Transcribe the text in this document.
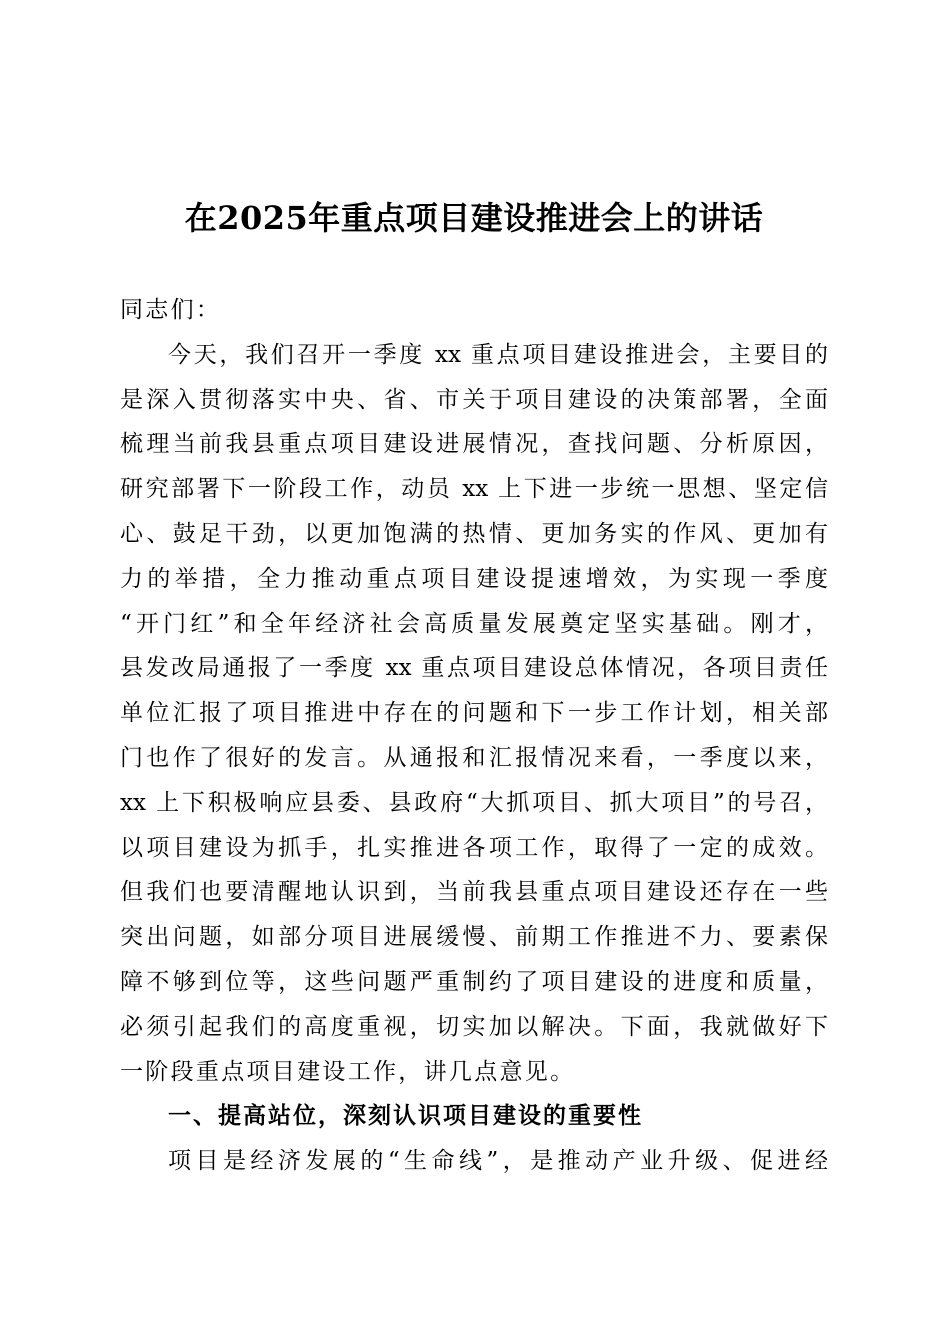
在2025年重点项目建设推进会上的讲话
同志们：
今天，我们召开一季度 xx 重点项目建设推进会，主要目的
是深入贯彻落实中央、省、市关于项目建设的决策部署，全面
梳理当前我县重点项目建设进展情况，查找问题、分析原因，
研究部署下一阶段工作，动员 xx 上下进一步统一思想、坚定信
心、鼓足干劲，以更加饱满的热情、更加务实的作风、更加有
力的举措，全力推动重点项目建设提速增效，为实现一季度
“开门红”和全年经济社会高质量发展奠定坚实基础。刚才，
县发改局通报了一季度 xx 重点项目建设总体情况，各项目责任
单位汇报了项目推进中存在的问题和下一步工作计划，相关部
门也作了很好的发言。从通报和汇报情况来看，一季度以来，
xx 上下积极响应县委、县政府“大抓项目、抓大项目”的号召，
以项目建设为抓手，扎实推进各项工作，取得了一定的成效。
但我们也要清醒地认识到，当前我县重点项目建设还存在一些
突出问题，如部分项目进展缓慢、前期工作推进不力、要素保
障不够到位等，这些问题严重制约了项目建设的进度和质量，
必须引起我们的高度重视，切实加以解决。下面，我就做好下
一阶段重点项目建设工作，讲几点意见。
一、提高站位，深刻认识项目建设的重要性
项目是经济发展的“生命线”，是推动产业升级、促进经
